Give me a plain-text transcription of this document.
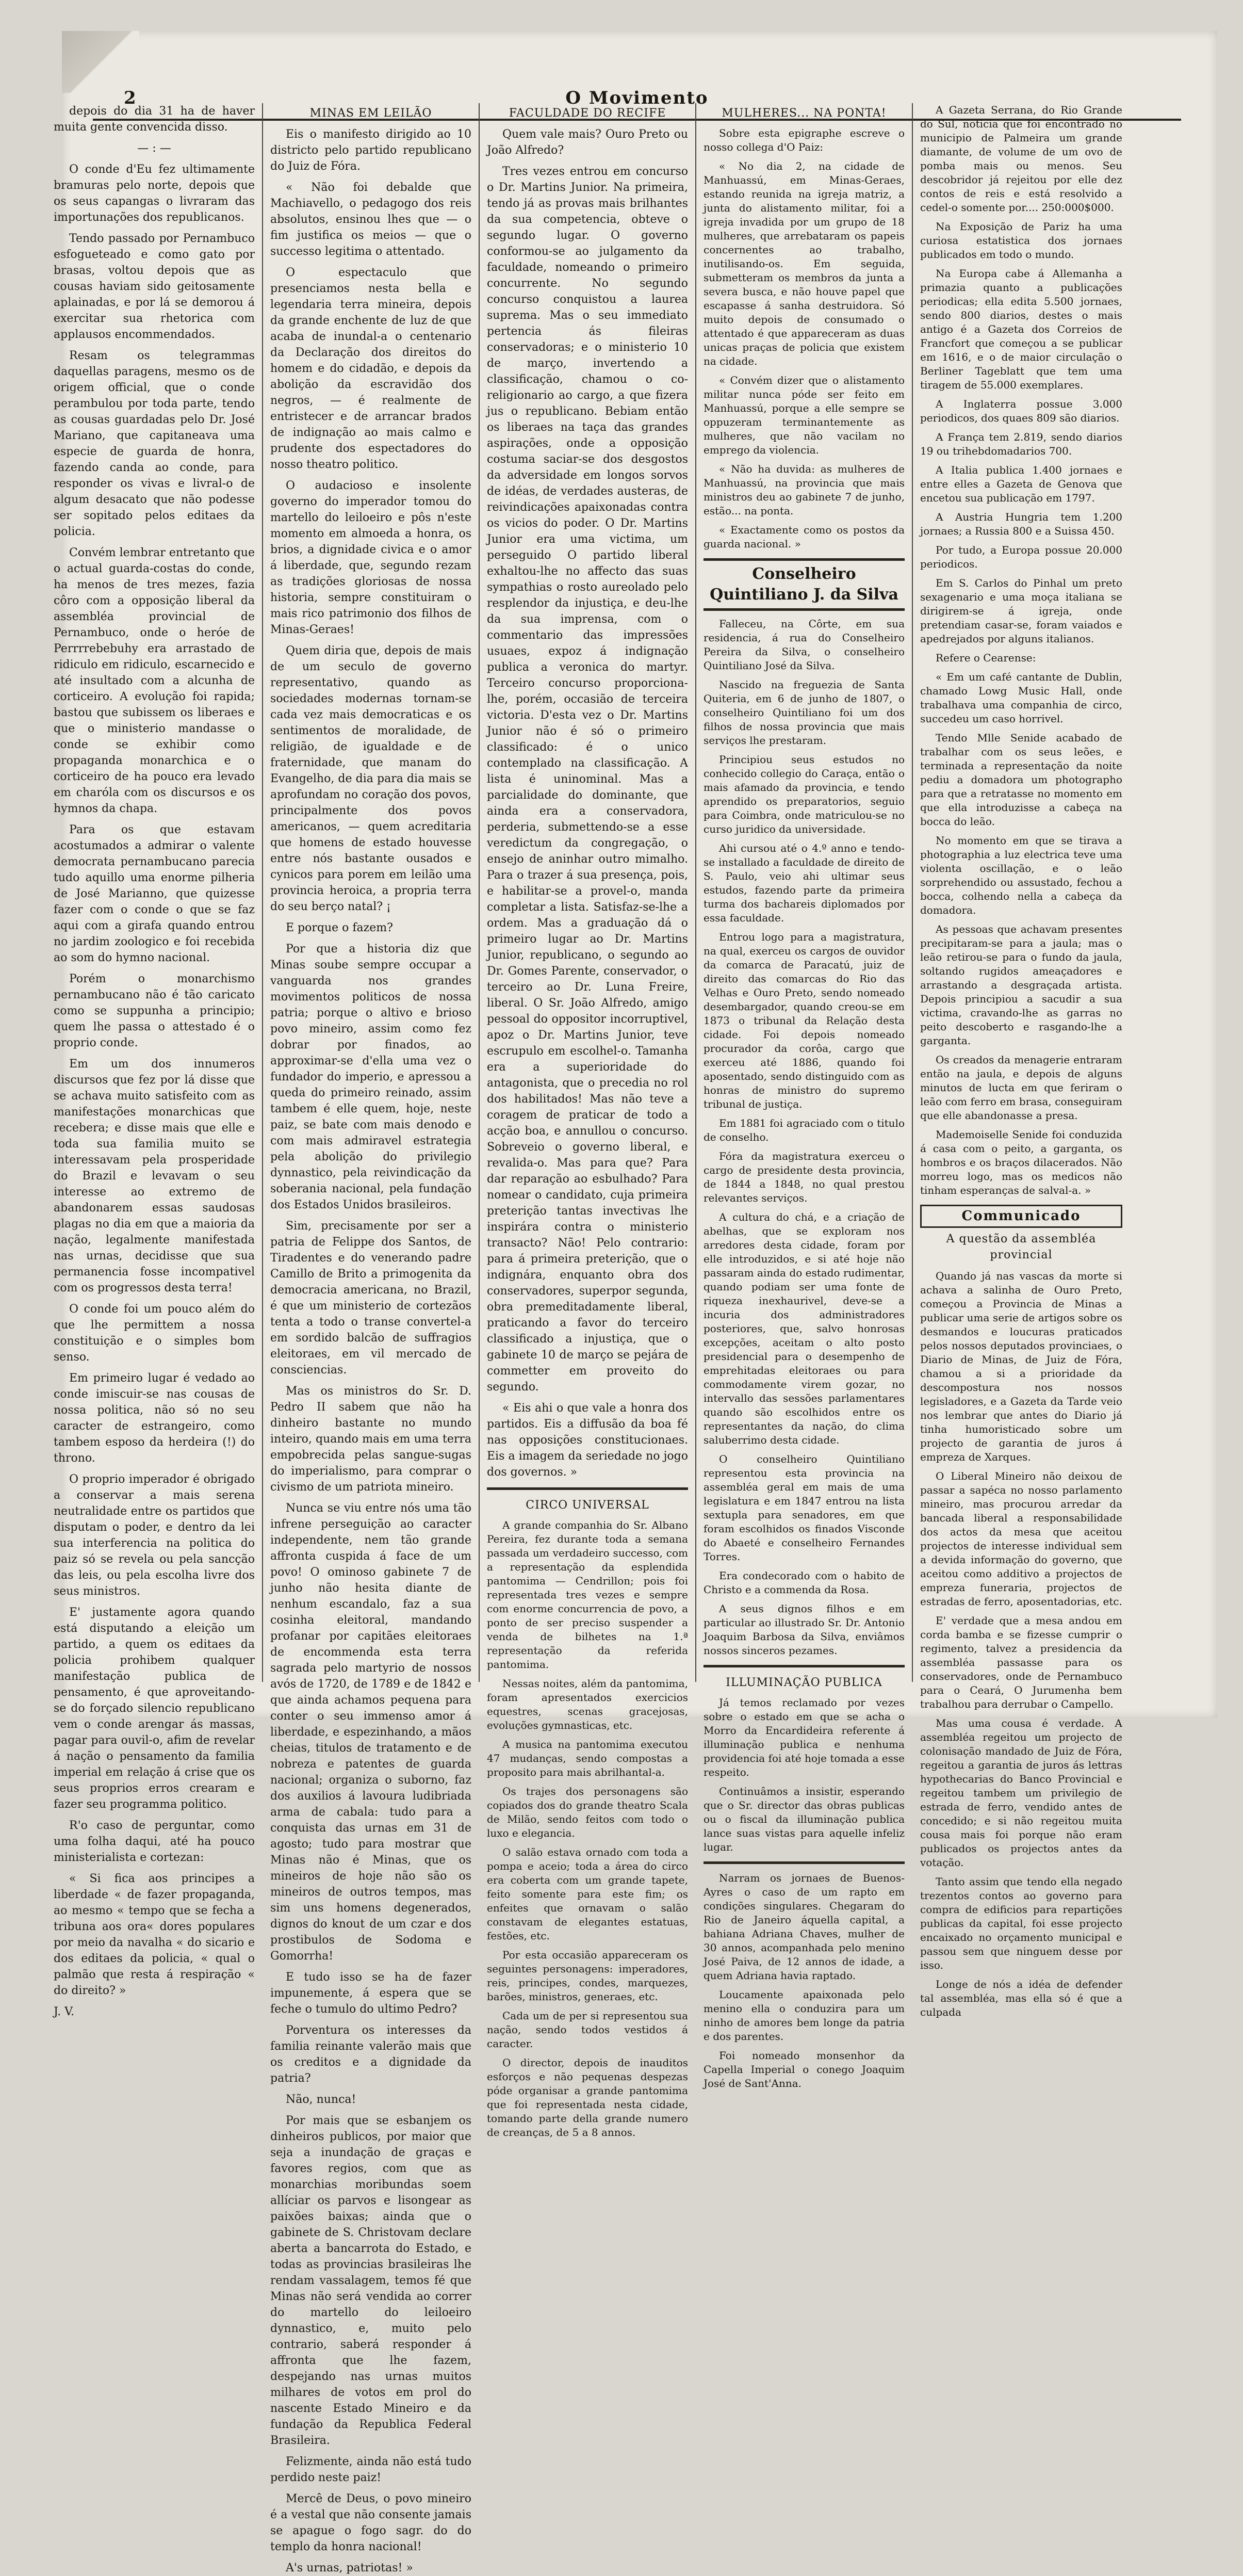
2	O Movimento

depois do dia 31 ha de haver muita gente convencida disso.

— : —

O conde d'Eu fez ultimamente bramuras pelo norte, depois que os seus capangas o livraram das importunações dos republicanos.

Tendo passado por Pernambuco esfogueteado e como gato por brasas, voltou depois que as cousas haviam sido geitosamente aplainadas, e por lá se demorou á exercitar sua rhetorica com applausos encommendados.

Resam os telegrammas daquellas paragens, mesmo os de origem official, que o conde perambulou por toda parte, tendo as cousas guardadas pelo Dr. José Mariano, que capitaneava uma especie de guarda de honra, fazendo canda ao conde, para responder os vivas e livral-o de algum desacato que não podesse ser sopitado pelos editaes da policia.

Convém lembrar entretanto que o actual guarda-costas do conde, ha menos de tres mezes, fazia côro com a opposição liberal da assembléa provincial de Pernambuco, onde o heróe de Perrrrebebuhy era arrastado de ridiculo em ridiculo, escarnecido e até insultado com a alcunha de corticeiro. A evolução foi rapida; bastou que subissem os liberaes e que o ministerio mandasse o conde se exhibir como propaganda monarchica e o corticeiro de ha pouco era levado em charóla com os discursos e os hymnos da chapa.

Para os que estavam acostumados a admirar o valente democrata pernambucano parecia tudo aquillo uma enorme pilheria de José Marianno, que quizesse fazer com o conde o que se faz aqui com a girafa quando entrou no jardim zoologico e foi recebida ao som do hymno nacional.

Porém o monarchismo pernambucano não é tão caricato como se suppunha a principio; quem lhe passa o attestado é o proprio conde.

Em um dos innumeros discursos que fez por lá disse que se achava muito satisfeito com as manifestações monarchicas que recebera; e disse mais que elle e toda sua familia muito se interessavam pela prosperidade do Brazil e levavam o seu interesse ao extremo de abandonarem essas saudosas plagas no dia em que a maioria da nação, legalmente manifestada nas urnas, decidisse que sua permanencia fosse incompativel com os progressos desta terra!

O conde foi um pouco além do que lhe permittem a nossa constituição e o simples bom senso.

Em primeiro lugar é vedado ao conde imiscuir-se nas cousas de nossa politica, não só no seu caracter de estrangeiro, como tambem esposo da herdeira (!) do throno.

O proprio imperador é obrigado a conservar a mais serena neutralidade entre os partidos que disputam o poder, e dentro da lei sua interferencia na politica do paiz só se revela ou pela sancção das leis, ou pela escolha livre dos seus ministros.

E' justamente agora quando está disputando a eleição um partido, a quem os editaes da policia prohibem qualquer manifestação publica de pensamento, é que aproveitando-se do forçado silencio republicano vem o conde arengar ás massas, pagar para ouvil-o, afim de revelar á nação o pensamento da familia imperial em relação á crise que os seus proprios erros crearam e fazer seu programma politico.

R'o caso de perguntar, como uma folha daqui, até ha pouco ministerialista e cortezan:

« Si fica aos principes a liberdade « de fazer propaganda, ao mesmo « tempo que se fecha a tribuna aos ora« dores populares por meio da navalha « do sicario e dos editaes da policia, « qual o palmão que resta á respiração « do direito? »

J. V.

MINAS EM LEILÃO

Eis o manifesto dirigido ao 10 districto pelo partido republicano do Juiz de Fóra.

« Não foi debalde que Machiavello, o pedagogo dos reis absolutos, ensinou lhes que — o fim justifica os meios — que o successo legitima o attentado.

O espectaculo que presenciamos nesta bella e legendaria terra mineira, depois da grande enchente de luz de que acaba de inundal-a o centenario da Declaração dos direitos do homem e do cidadão, e depois da abolição da escravidão dos negros, — é realmente de entristecer e de arrancar brados de indignação ao mais calmo e prudente dos espectadores do nosso theatro politico.

O audacioso e insolente governo do imperador tomou do martello do leiloeiro e pôs n'este momento em almoeda a honra, os brios, a dignidade civica e o amor á liberdade, que, segundo rezam as tradições gloriosas de nossa historia, sempre constituiram o mais rico patrimonio dos filhos de Minas-Geraes!

Quem diria que, depois de mais de um seculo de governo representativo, quando as sociedades modernas tornam-se cada vez mais democraticas e os sentimentos de moralidade, de religião, de igualdade e de fraternidade, que manam do Evangelho, de dia para dia mais se aprofundam no coração dos povos, principalmente dos povos americanos, — quem acreditaria que homens de estado houvesse entre nós bastante ousados e cynicos para porem em leilão uma provincia heroica, a propria terra do seu berço natal? ¡

E porque o fazem?

Por que a historia diz que Minas soube sempre occupar a vanguarda nos grandes movimentos politicos de nossa patria; porque o altivo e brioso povo mineiro, assim como fez dobrar por finados, ao approximar-se d'ella uma vez o fundador do imperio, e apressou a queda do primeiro reinado, assim tambem é elle quem, hoje, neste paiz, se bate com mais denodo e com mais admiravel estrategia pela abolição do privilegio dynnastico, pela reivindicação da soberania nacional, pela fundação dos Estados Unidos brasileiros.

Sim, precisamente por ser a patria de Felippe dos Santos, de Tiradentes e do venerando padre Camillo de Brito a primogenita da democracia americana, no Brazil, é que um ministerio de cortezãos tenta a todo o transe convertel-a em sordido balcão de suffragios eleitoraes, em vil mercado de consciencias.

Mas os ministros do Sr. D. Pedro II sabem que não ha dinheiro bastante no mundo inteiro, quando mais em uma terra empobrecida pelas sangue-sugas do imperialismo, para comprar o civismo de um patriota mineiro.

Nunca se viu entre nós uma tão infrene perseguição ao caracter independente, nem tão grande affronta cuspida á face de um povo! O ominoso gabinete 7 de junho não hesita diante de nenhum escandalo, faz a sua cosinha eleitoral, mandando profanar por capitães eleitoraes de encommenda esta terra sagrada pelo martyrio de nossos avós de 1720, de 1789 e de 1842 e que ainda achamos pequena para conter o seu immenso amor á liberdade, e espezinhando, a mãos cheias, titulos de tratamento e de nobreza e patentes de guarda nacional; organiza o suborno, faz dos auxilios á lavoura ludibriada arma de cabala: tudo para a conquista das urnas em 31 de agosto; tudo para mostrar que Minas não é Minas, que os mineiros de hoje não são os mineiros de outros tempos, mas sim uns homens degenerados, dignos do knout de um czar e dos prostibulos de Sodoma e Gomorrha!

E tudo isso se ha de fazer impunemente, á espera que se feche o tumulo do ultimo Pedro?

Porventura os interesses da familia reinante valerão mais que os creditos e a dignidade da patria?

Não, nunca!

Por mais que se esbanjem os dinheiros publicos, por maior que seja a inundação de graças e favores regios, com que as monarchias moribundas soem allíciar os parvos e lisongear as paixões baixas; ainda que o gabinete de S. Christovam declare aberta a bancarrota do Estado, e todas as provincias brasileiras lhe rendam vassalagem, temos fé que Minas não será vendida ao correr do martello do leiloeiro dynnastico, e, muito pelo contrario, saberá responder á affronta que lhe fazem, despejando nas urnas muitos milhares de votos em prol do nascente Estado Mineiro e da fundação da Republica Federal Brasileira.

Felizmente, ainda não está tudo perdido neste paiz!

Mercê de Deus, o povo mineiro é a vestal que não consente jamais se apague o fogo sagr. do do templo da honra nacional!

A's urnas, patriotas! »

FACULDADE DO RECIFE

Quem vale mais? Ouro Preto ou João Alfredo?

Tres vezes entrou em concurso o Dr. Martins Junior. Na primeira, tendo já as provas mais brilhantes da sua competencia, obteve o segundo lugar. O governo conformou-se ao julgamento da faculdade, nomeando o primeiro concurrente. No segundo concurso conquistou a laurea suprema. Mas o seu immediato pertencia ás fileiras conservadoras; e o ministerio 10 de março, invertendo a classificação, chamou o co-religionario ao cargo, a que fizera jus o republicano. Bebiam então os liberaes na taça das grandes aspirações, onde a opposição costuma saciar-se dos desgostos da adversidade em longos sorvos de idéas, de verdades austeras, de reivindicações apaixonadas contra os vicios do poder. O Dr. Martins Junior era uma victima, um perseguido O partido liberal exhaltou-lhe no affecto das suas sympathias o rosto aureolado pelo resplendor da injustiça, e deu-lhe da sua imprensa, com o commentario das impressões usuaes, expoz á indignação publica a veronica do martyr. Terceiro concurso proporciona-lhe, porém, occasião de terceira victoria. D'esta vez o Dr. Martins Junior não é só o primeiro classificado: é o unico contemplado na classificação. A lista é uninominal. Mas a parcialidade do dominante, que ainda era a conservadora, perderia, submettendo-se a esse veredictum da congregação, o ensejo de aninhar outro mimalho. Para o trazer á sua presença, pois, e habilitar-se a provel-o, manda completar a lista. Satisfaz-se-lhe a ordem. Mas a graduação dá o primeiro lugar ao Dr. Martins Junior, republicano, o segundo ao Dr. Gomes Parente, conservador, o terceiro ao Dr. Luna Freire, liberal. O Sr. João Alfredo, amigo pessoal do oppositor incorruptivel, apoz o Dr. Martins Junior, teve escrupulo em escolhel-o. Tamanha era a superioridade do antagonista, que o precedia no rol dos habilitados! Mas não teve a coragem de praticar de todo a acção boa, e annullou o concurso. Sobreveio o governo liberal, e revalida-o. Mas para que? Para dar reparação ao esbulhado? Para nomear o candidato, cuja primeira preterição tantas invectivas lhe inspirára contra o ministerio transacto? Não! Pelo contrario: para á primeira preterição, que o indignára, enquanto obra dos conservadores, superpor segunda, obra premeditadamente liberal, praticando a favor do terceiro classificado a injustiça, que o gabinete 10 de março se pejára de commetter em proveito do segundo.

« Eis ahi o que vale a honra dos partidos. Eis a diffusão da boa fé nas opposições constitucionaes. Eis a imagem da seriedade no jogo dos governos. »

CIRCO UNIVERSAL

A grande companhia do Sr. Albano Pereira, fez durante toda a semana passada um verdadeiro successo, com a representação da esplendida pantomima — Cendrillon; pois foi representada tres vezes e sempre com enorme concurrencia de povo, a ponto de ser preciso suspender a venda de bilhetes na 1.ª representação da referida pantomima.

Nessas noites, além da pantomima, foram apresentados exercicios equestres, scenas gracejosas, evoluções gymnasticas, etc.

A musica na pantomima executou 47 mudanças, sendo compostas a proposito para mais abrilhantal-a.

Os trajes dos personagens são copiados dos do grande theatro Scala de Milão, sendo feitos com todo o luxo e elegancia.

O salão estava ornado com toda a pompa e aceio; toda a área do circo era coberta com um grande tapete, feito somente para este fim; os enfeites que ornavam o salão constavam de elegantes estatuas, festões, etc.

Por esta occasião appareceram os seguintes personagens: imperadores, reis, principes, condes, marquezes, barões, ministros, generaes, etc.

Cada um de per si representou sua nação, sendo todos vestidos á caracter.

O director, depois de inauditos esforços e não pequenas despezas póde organisar a grande pantomima que foi representada nesta cidade, tomando parte della grande numero de creanças, de 5 a 8 annos.

MULHERES... NA PONTA!

Sobre esta epigraphe escreve o nosso collega d'O Paiz:

« No dia 2, na cidade de Manhuassú, em Minas-Geraes, estando reunida na igreja matriz, a junta do alistamento militar, foi a igreja invadida por um grupo de 18 mulheres, que arrebataram os papeis concernentes ao trabalho, inutilisando-os. Em seguida, submetteram os membros da junta a severa busca, e não houve papel que escapasse á sanha destruidora. Só muito depois de consumado o attentado é que appareceram as duas unicas praças de policia que existem na cidade.

« Convém dizer que o alistamento militar nunca póde ser feito em Manhuassú, porque a elle sempre se oppuzeram terminantemente as mulheres, que não vacilam no emprego da violencia.

« Não ha duvida: as mulheres de Manhuassú, na provincia que mais ministros deu ao gabinete 7 de junho, estão... na ponta.

« Exactamente como os postos da guarda nacional. »

Conselheiro Quintiliano J. da Silva

Falleceu, na Côrte, em sua residencia, á rua do Conselheiro Pereira da Silva, o conselheiro Quintiliano José da Silva.

Nascido na freguezia de Santa Quiteria, em 6 de junho de 1807, o conselheiro Quintiliano foi um dos filhos de nossa provincia que mais serviços lhe prestaram.

Principiou seus estudos no conhecido collegio do Caraça, então o mais afamado da provincia, e tendo aprendido os preparatorios, seguio para Coimbra, onde matriculou-se no curso juridico da universidade.

Ahi cursou até o 4.º anno e tendo-se installado a faculdade de direito de S. Paulo, veio ahi ultimar seus estudos, fazendo parte da primeira turma dos bachareis diplomados por essa faculdade.

Entrou logo para a magistratura, na qual, exerceu os cargos de ouvidor da comarca de Paracatú, juiz de direito das comarcas do Rio das Velhas e Ouro Preto, sendo nomeado desembargador, quando creou-se em 1873 o tribunal da Relação desta cidade. Foi depois nomeado procurador da corôa, cargo que exerceu até 1886, quando foi aposentado, sendo distinguido com as honras de ministro do supremo tribunal de justiça.

Em 1881 foi agraciado com o titulo de conselho.

Fóra da magistratura exerceu o cargo de presidente desta provincia, de 1844 a 1848, no qual prestou relevantes serviços.

A cultura do chá, e a criação de abelhas, que se exploram nos arredores desta cidade, foram por elle introduzidos, e si até hoje não passaram ainda do estado rudimentar, quando podiam ser uma fonte de riqueza inexhaurivel, deve-se a incuria dos administradores posteriores, que, salvo honrosas excepções, aceitam o alto posto presidencial para o desempenho de emprehitadas eleitoraes ou para commodamente virem gozar, no intervallo das sessões parlamentares quando são escolhidos entre os representantes da nação, do clima saluberrimo desta cidade.

O conselheiro Quintiliano representou esta provincia na assembléa geral em mais de uma legislatura e em 1847 entrou na lista sextupla para senadores, em que foram escolhidos os finados Visconde do Abaeté e conselheiro Fernandes Torres.

Era condecorado com o habito de Christo e a commenda da Rosa.

A seus dignos filhos e em particular ao illustrado Sr. Dr. Antonio Joaquim Barbosa da Silva, enviâmos nossos sinceros pezames.

ILLUMINAÇÃO PUBLICA

Já temos reclamado por vezes sobre o estado em que se acha o Morro da Encardideira referente á illuminação publica e nenhuma providencia foi até hoje tomada a esse respeito.

Continuâmos a insistir, esperando que o Sr. director das obras publicas ou o fiscal da illuminação publica lance suas vistas para aquelle infeliz lugar.

Narram os jornaes de Buenos-Ayres o caso de um rapto em condições singulares. Chegaram do Rio de Janeiro áquella capital, a bahiana Adriana Chaves, mulher de 30 annos, acompanhada pelo menino José Paiva, de 12 annos de idade, a quem Adriana havia raptado.

Loucamente apaixonada pelo menino ella o conduzira para um ninho de amores bem longe da patria e dos parentes.

Foi nomeado monsenhor da Capella Imperial o conego Joaquim José de Sant'Anna.

A Gazeta Serrana, do Rio Grande do Sul, noticia que foi encontrado no municipio de Palmeira um grande diamante, de volume de um ovo de pomba mais ou menos. Seu descobridor já rejeitou por elle dez contos de reis e está resolvido a cedel-o somente por.... 250:000$000.

Na Exposição de Pariz ha uma curiosa estatistica dos jornaes publicados em todo o mundo.

Na Europa cabe á Allemanha a primazia quanto a publicações periodicas; ella edita 5.500 jornaes, sendo 800 diarios, destes o mais antigo é a Gazeta dos Correios de Francfort que começou a se publicar em 1616, e o de maior circulação o Berliner Tageblatt que tem uma tiragem de 55.000 exemplares.

A Inglaterra possue 3.000 periodicos, dos quaes 809 são diarios.

A França tem 2.819, sendo diarios 19 ou trihebdomadarios 700.

A Italia publica 1.400 jornaes e entre elles a Gazeta de Genova que encetou sua publicação em 1797.

A Austria Hungria tem 1.200 jornaes; a Russia 800 e a Suissa 450.

Por tudo, a Europa possue 20.000 periodicos.

Em S. Carlos do Pinhal um preto sexagenario e uma moça italiana se dirigirem-se á igreja, onde pretendiam casar-se, foram vaiados e apedrejados por alguns italianos.

Refere o Cearense:

« Em um café cantante de Dublin, chamado Lowg Music Hall, onde trabalhava uma companhia de circo, succedeu um caso horrivel.

Tendo Mlle Senide acabado de trabalhar com os seus leões, e terminada a representação da noite pediu a domadora um photographo para que a retratasse no momento em que ella introduzisse a cabeça na bocca do leão.

No momento em que se tirava a photographia a luz electrica teve uma violenta oscillação, e o leão sorprehendido ou assustado, fechou a bocca, colhendo nella a cabeça da domadora.

As pessoas que achavam presentes precipitaram-se para a jaula; mas o leão retirou-se para o fundo da jaula, soltando rugidos ameaçadores e arrastando a desgraçada artista. Depois principiou a sacudir a sua victima, cravando-lhe as garras no peito descoberto e rasgando-lhe a garganta.

Os creados da menagerie entraram então na jaula, e depois de alguns minutos de lucta em que feriram o leão com ferro em brasa, conseguiram que elle abandonasse a presa.

Mademoiselle Senide foi conduzida á casa com o peito, a garganta, os hombros e os braços dilacerados. Não morreu logo, mas os medicos não tinham esperanças de salval-a. »

Communicado
A questão da assembléa provincial

Quando já nas vascas da morte si achava a salinha de Ouro Preto, começou a Provincia de Minas a publicar uma serie de artigos sobre os desmandos e loucuras praticados pelos nossos deputados provinciaes, o Diario de Minas, de Juiz de Fóra, chamou a si a prioridade da descompostura nos nossos legisladores, e a Gazeta da Tarde veio nos lembrar que antes do Diario já tinha humoristicado sobre um projecto de garantia de juros á empreza de Xarques.

O Liberal Mineiro não deixou de passar a sapéca no nosso parlamento mineiro, mas procurou arredar da bancada liberal a responsabilidade dos actos da mesa que aceitou projectos de interesse individual sem a devida informação do governo, que aceitou como additivo a projectos de empreza funeraria, projectos de estradas de ferro, aposentadorias, etc.

E' verdade que a mesa andou em corda bamba e se fizesse cumprir o regimento, talvez a presidencia da assembléa passasse para os conservadores, onde de Pernambuco para o Ceará, O Jurumenha bem trabalhou para derrubar o Campello.

Mas uma cousa é verdade. A assembléa regeitou um projecto de colonisação mandado de Juiz de Fóra, regeitou a garantia de juros ás lettras hypothecarias do Banco Provincial e regeitou tambem um privilegio de estrada de ferro, vendido antes de concedido; e si não regeitou muita cousa mais foi porque não eram publicados os projectos antes da votação.

Tanto assim que tendo ella negado trezentos contos ao governo para compra de edificios para repartições publicas da capital, foi esse projecto encaixado no orçamento municipal e passou sem que ninguem desse por isso.

Longe de nós a idéa de defender tal assembléa, mas ella só é que a culpada
